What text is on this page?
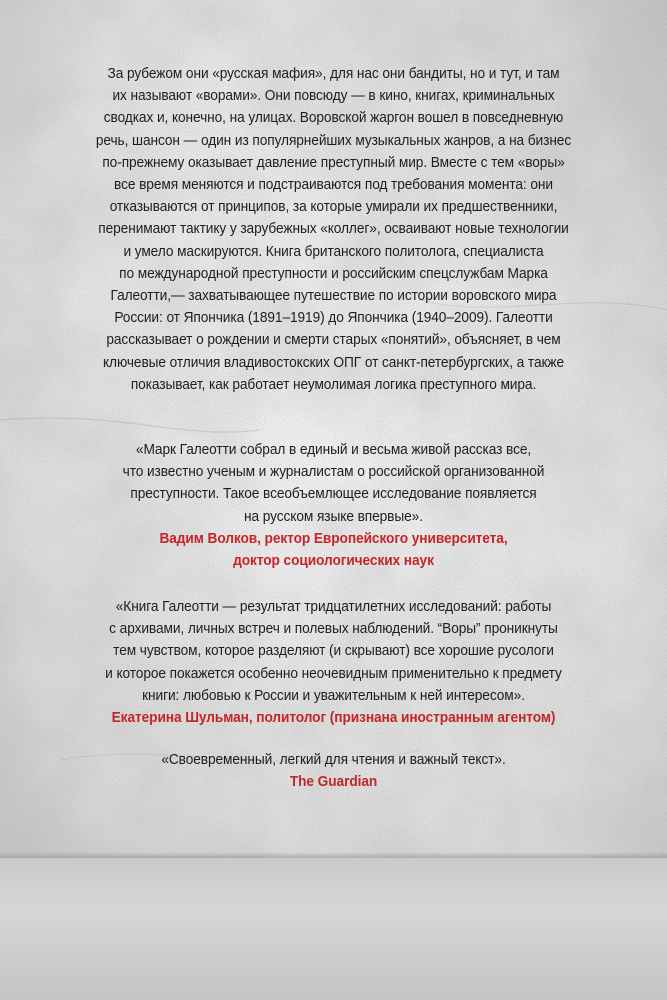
За рубежом они «русская мафия», для нас они бандиты, но и тут, и там
их называют «ворами». Они повсюду — в кино, книгах, криминальных
сводках и, конечно, на улицах. Воровской жаргон вошел в повседневную
речь, шансон — один из популярнейших музыкальных жанров, а на бизнес
по-прежнему оказывает давление преступный мир. Вместе с тем «воры»
все время меняются и подстраиваются под требования момента: они
отказываются от принципов, за которые умирали их предшественники,
перенимают тактику у зарубежных «коллег», осваивают новые технологии
и умело маскируются. Книга британского политолога, специалиста
по международной преступности и российским спецслужбам Марка
Галеотти,— захватывающее путешествие по истории воровского мира
России: от Япончика (1891–1919) до Япончика (1940–2009). Галеотти
рассказывает о рождении и смерти старых «понятий», объясняет, в чем
ключевые отличия владивостокских ОПГ от санкт-петербургских, а также
показывает, как работает неумолимая логика преступного мира.
«Марк Галеотти собрал в единый и весьма живой рассказ все,
что известно ученым и журналистам о российской организованной
преступности. Такое всеобъемлющее исследование появляется
на русском языке впервые».
Вадим Волков, ректор Европейского университета,
доктор социологических наук
«Книга Галеотти — результат тридцатилетних исследований: работы
с архивами, личных встреч и полевых наблюдений. “Воры” проникнуты
тем чувством, которое разделяют (и скрывают) все хорошие русологи
и которое покажется особенно неочевидным применительно к предмету
книги: любовью к России и уважительным к ней интересом».
Екатерина Шульман, политолог (признана иностранным агентом)
«Своевременный, легкий для чтения и важный текст».
The Guardian
